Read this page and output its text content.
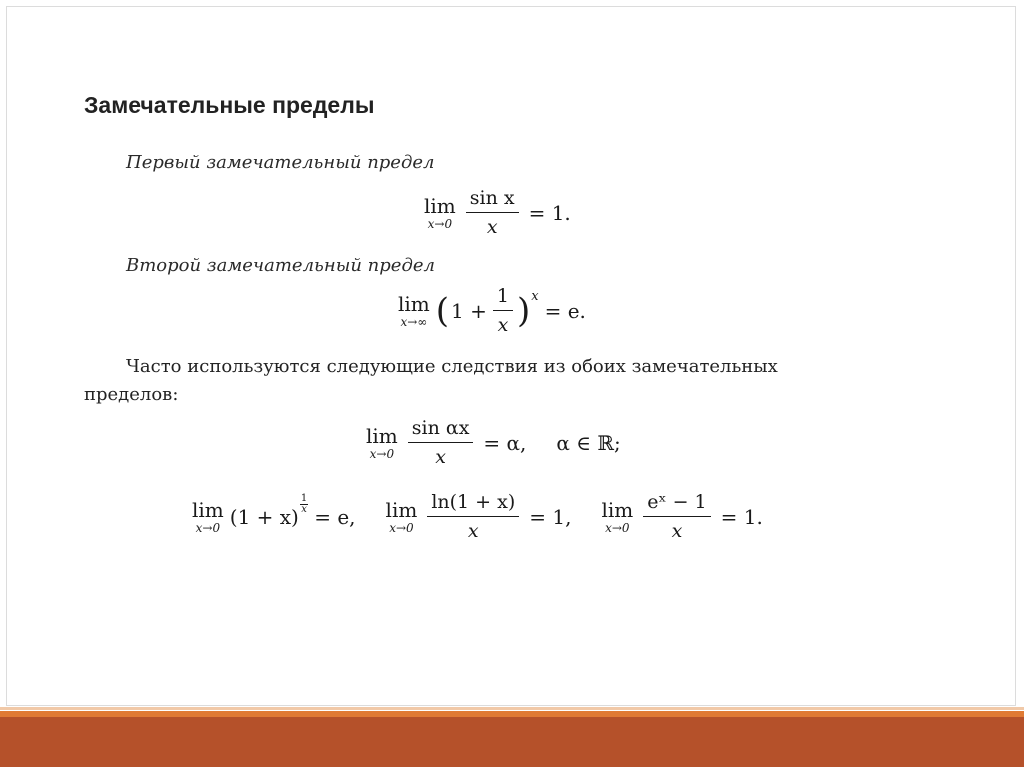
Замечательные пределы
Первый замечательный предел
lim
$x\to 0 \frac{\text{sin x}}{x} = 1$.
Второй замечательный предел
lim
x→∞ ( $1 + \frac{1}{x}$ ) x
= e.
Часто используются следующие следствия из обоих замечательных
пределов:
lim
$x\to 0 \frac{\text{sin αx}}{x} = \alpha$, α ∈ ℝ;
lim
x→0 $(1 + x) \frac{1}{x} = e$, lim
$x\to 0 \frac{\ln(1 + x)}{x} = 1$, lim
$x\to 0 \frac{\text{eˣ − 1}}{x} = 1$.
